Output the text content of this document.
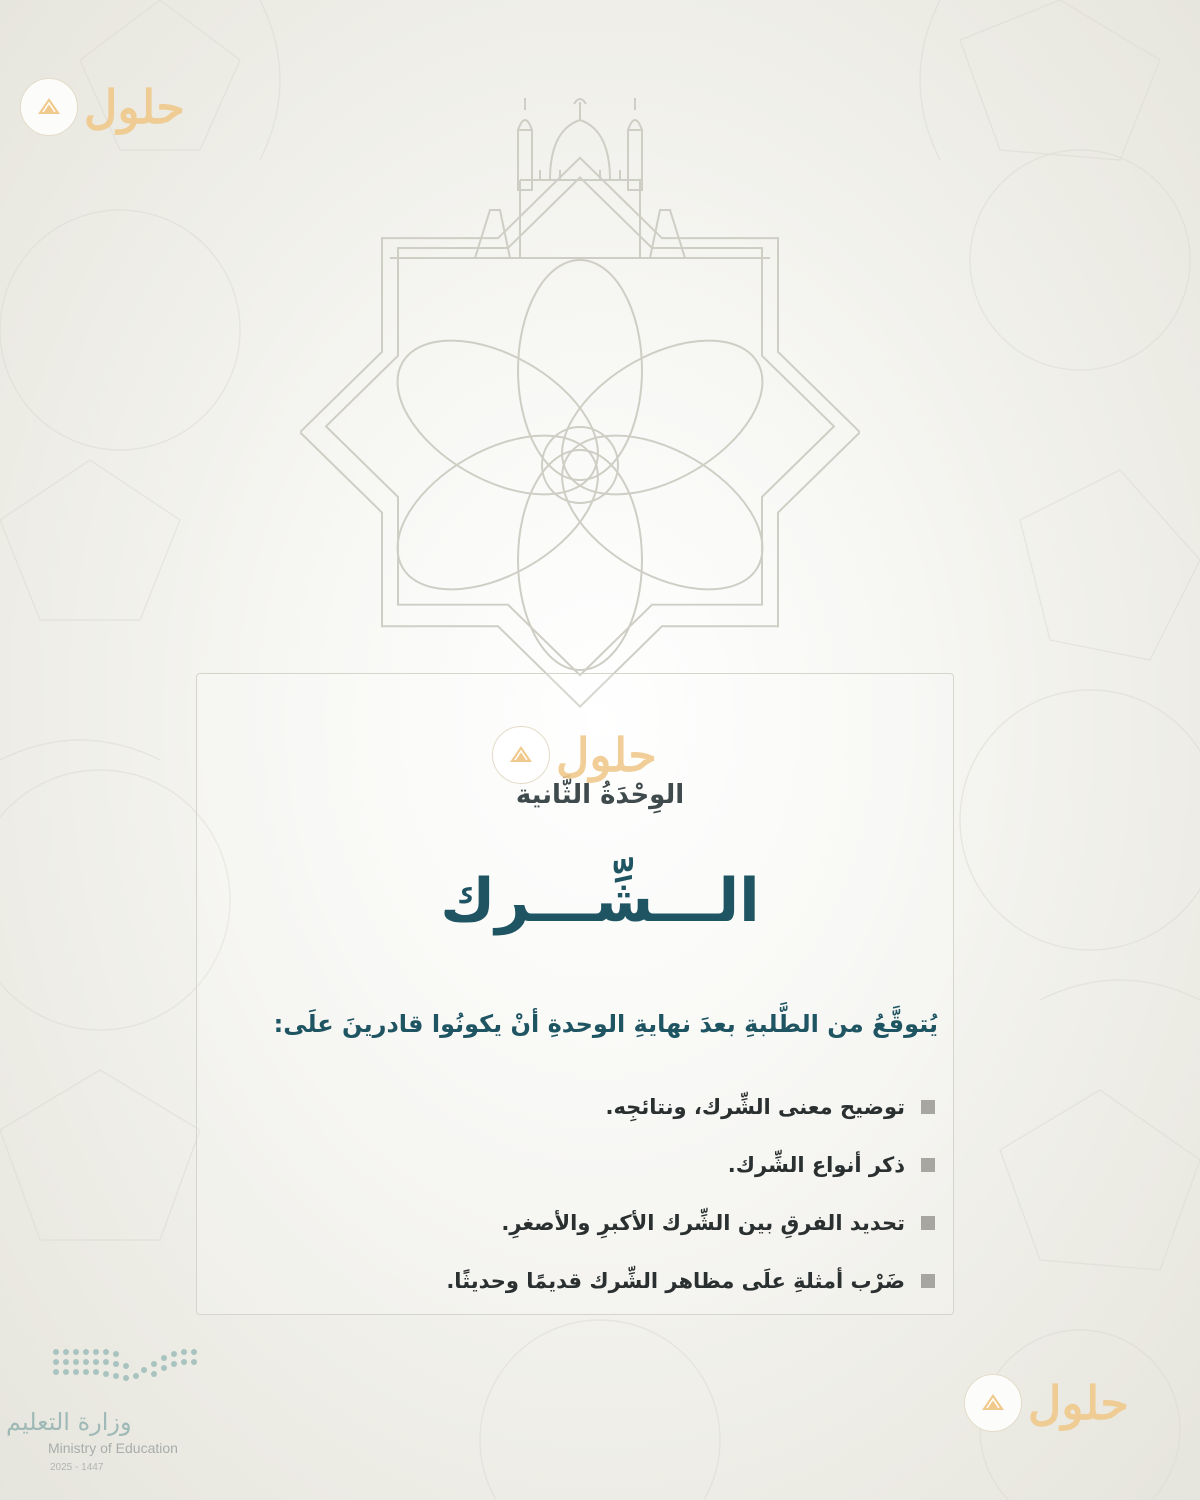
الوِحْدَةُ الثَّانية
الـــشِّـــرك
يُتوقَّعُ من الطَّلبةِ بعدَ نهايةِ الوحدةِ أنْ يكونُوا قادرينَ علَى:
توضيح معنى الشِّرك، ونتائجِه.
ذكر أنواع الشِّرك.
تحديد الفرقِ بين الشِّرك الأكبرِ والأصغرِ.
ضَرْب أمثلةِ علَى مظاهر الشِّرك قديمًا وحديثًا.
حلول
حلول
حلول
وزارة التعليم
Ministry of Education
2025 - 1447
